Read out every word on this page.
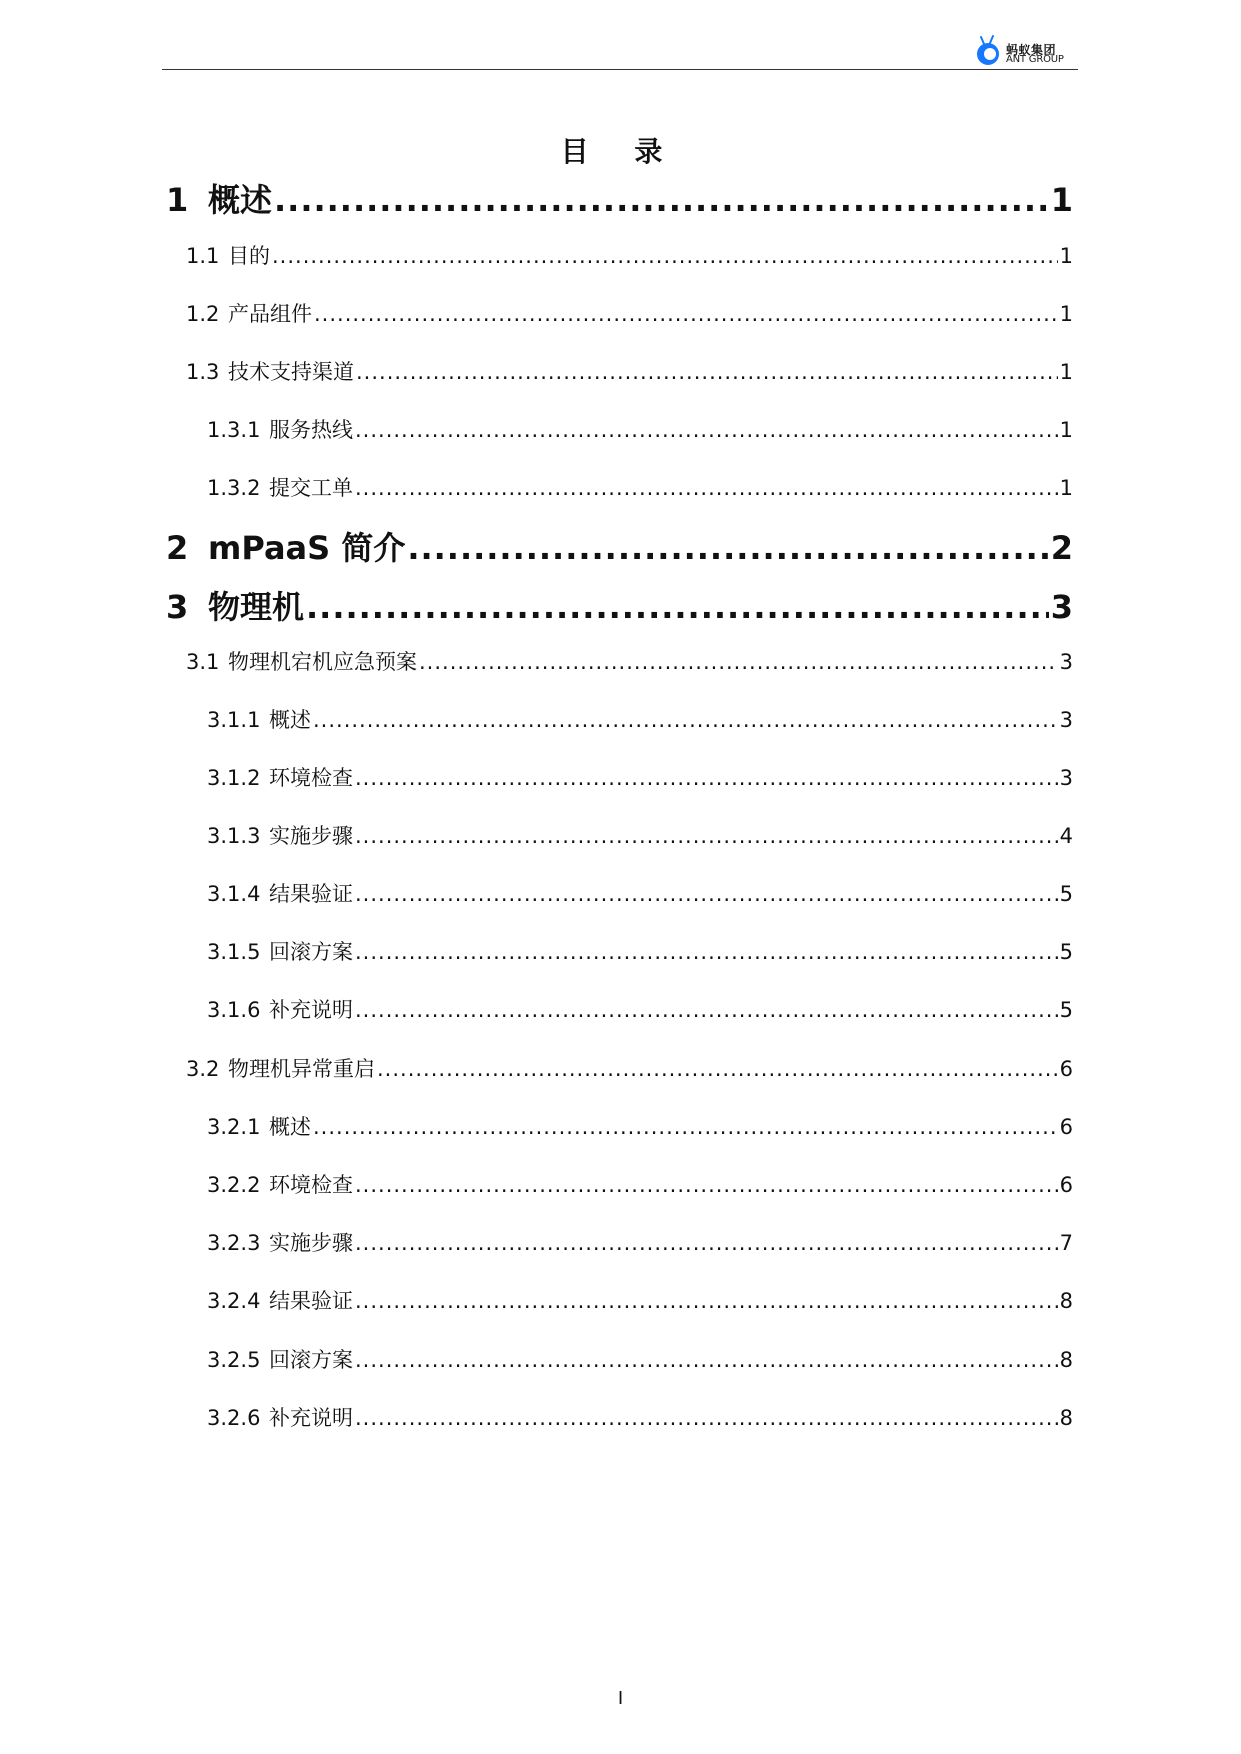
蚂蚁集团
ANT GROUP
目 录
1 概述 .....	1
1.1 目的 .....	1
1.2 产品组件 .....	1
1.3 技术支持渠道 .....	1
1.3.1 服务热线 .....	1
1.3.2 提交工单 .....	1
2 mPaaS 简介 .....	2
3 物理机 .....	3
3.1 物理机宕机应急预案 .....	3
3.1.1 概述 .....	3
3.1.2 环境检查 .....	3
3.1.3 实施步骤 .....	4
3.1.4 结果验证 .....	5
3.1.5 回滚方案 .....	5
3.1.6 补充说明 .....	5
3.2 物理机异常重启 .....	6
3.2.1 概述 .....	6
3.2.2 环境检查 .....	6
3.2.3 实施步骤 .....	7
3.2.4 结果验证 .....	8
3.2.5 回滚方案 .....	8
3.2.6 补充说明 .....	8
I
